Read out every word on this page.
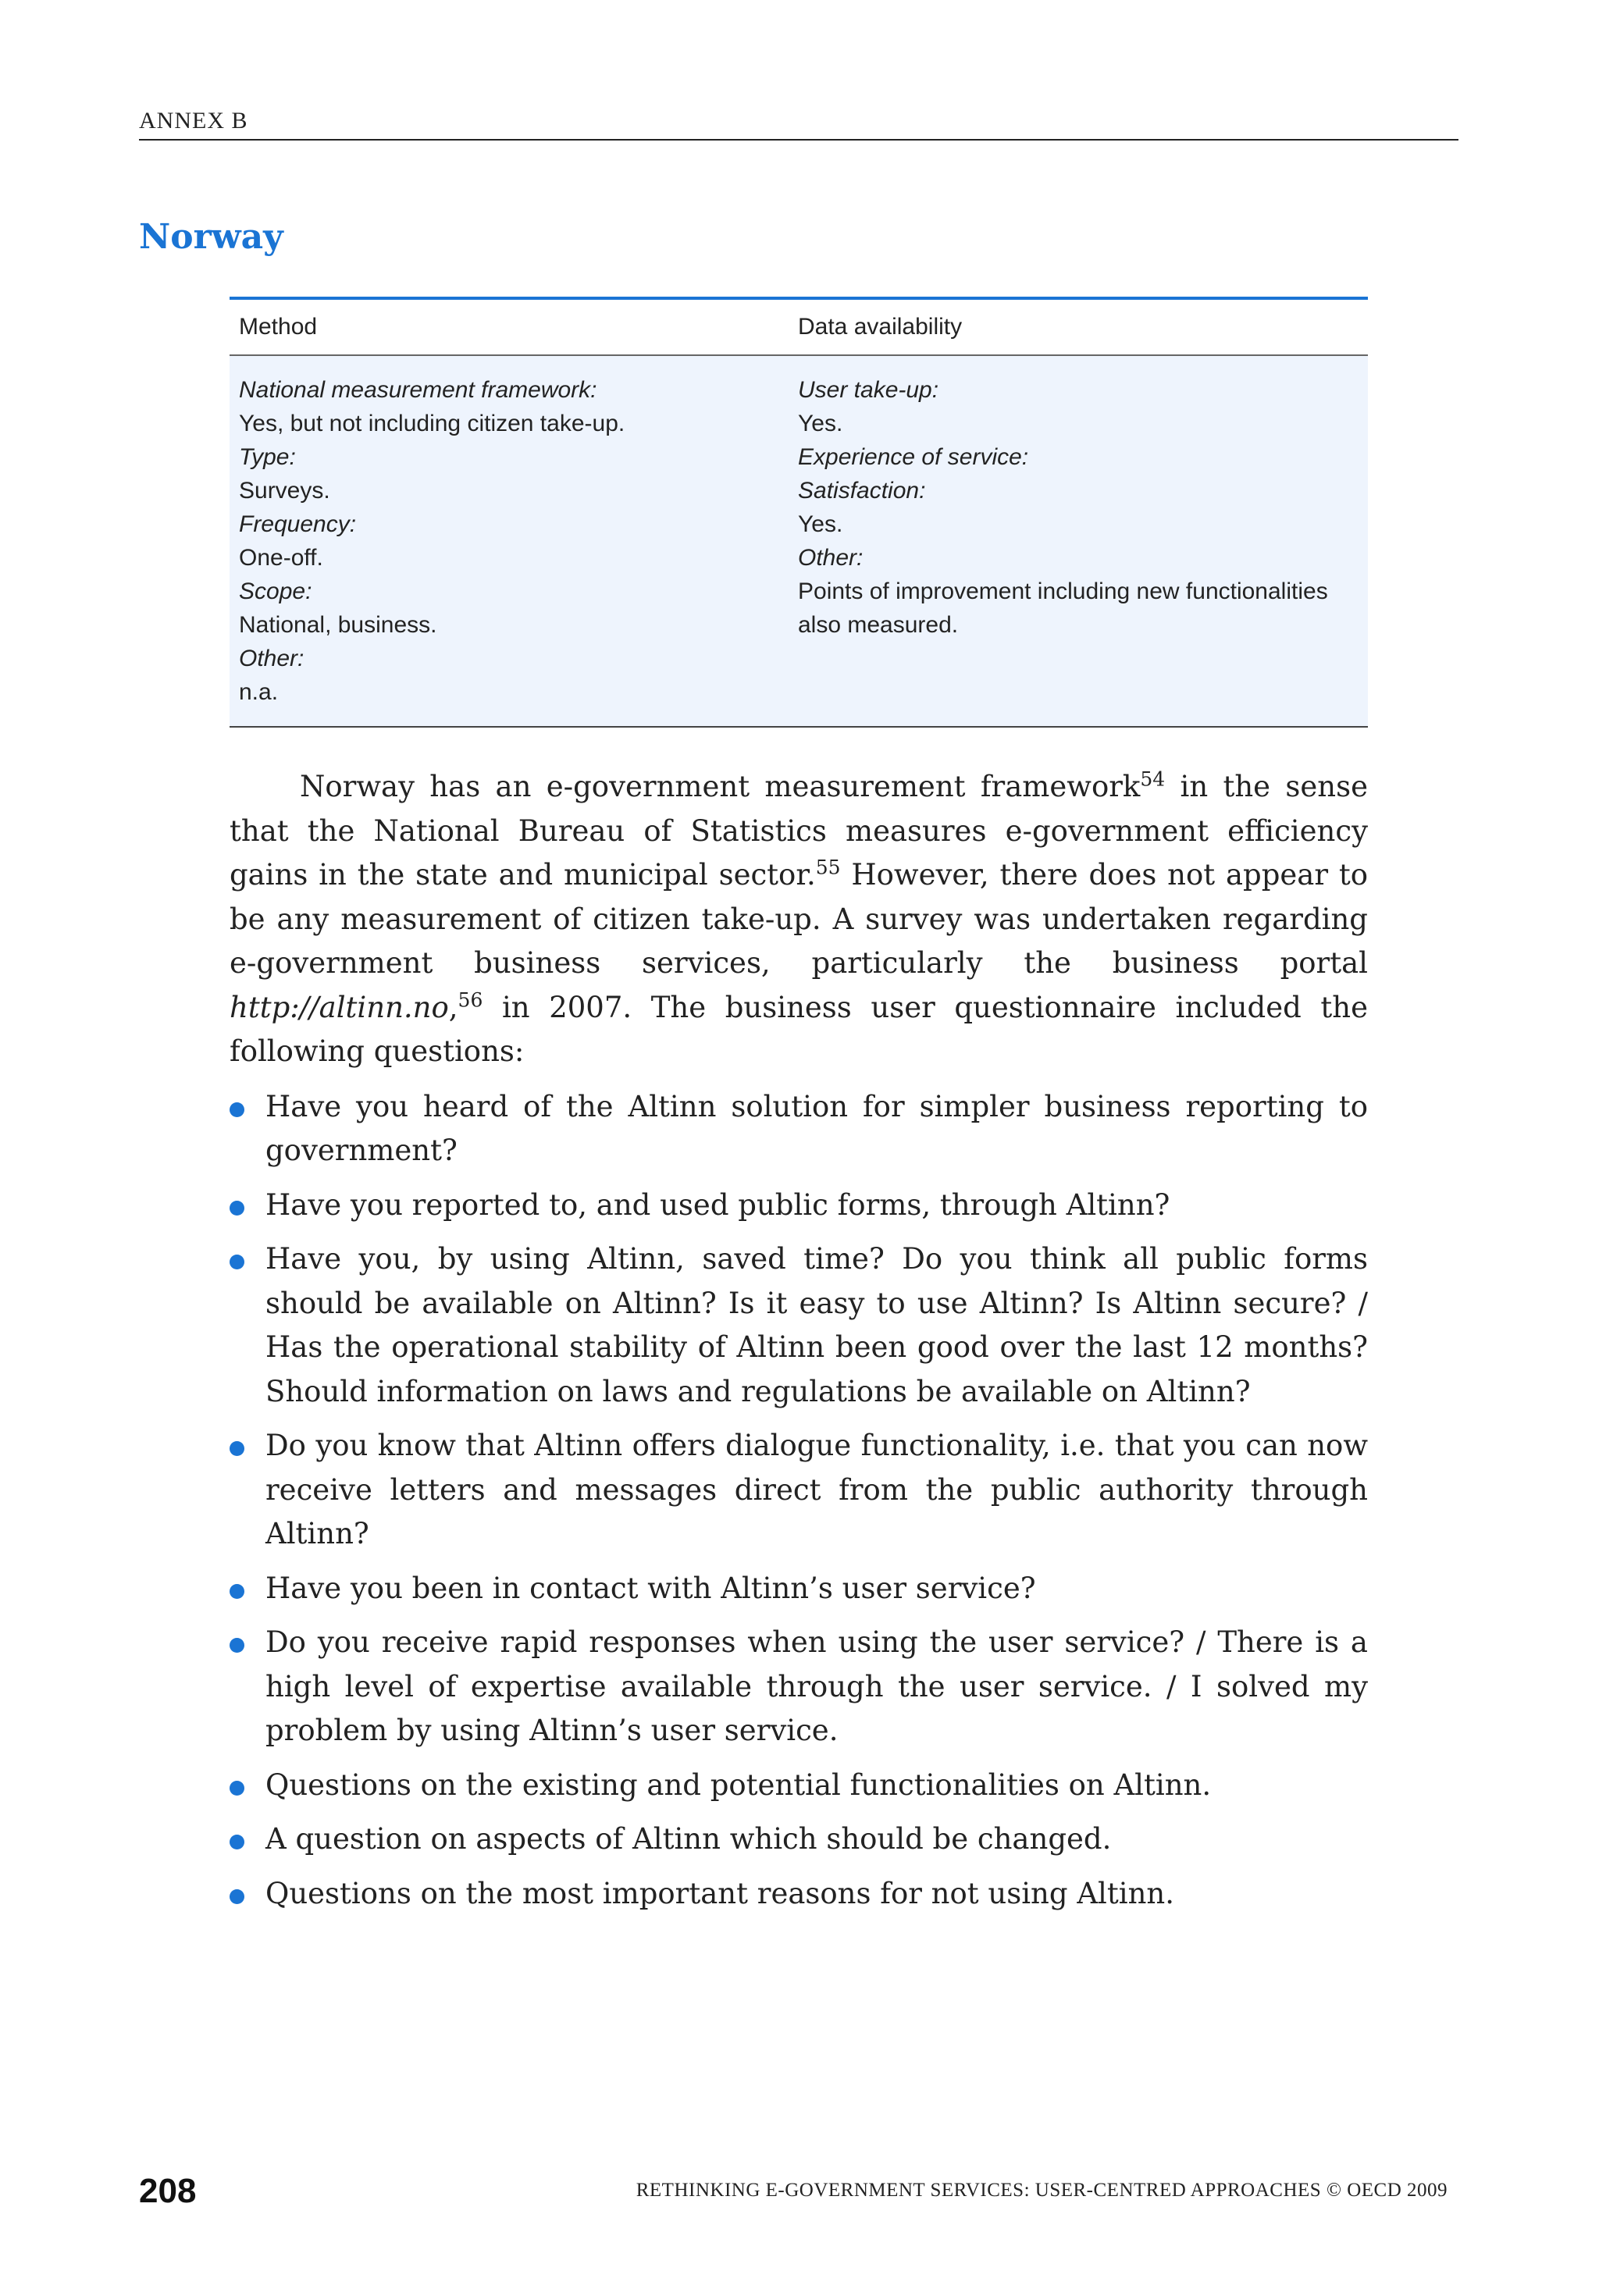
ANNEX B
Norway
Method	Data availability
National measurement framework:
Yes, but not including citizen take-up.
Type:
Surveys.
Frequency:
One-off.
Scope:
National, business.
Other:
n.a.
User take-up:
Yes.
Experience of service:
Satisfaction:
Yes.
Other:
Points of improvement including new functionalities also measured.

Norway has an e-government measurement framework$^{54}$ in the sense that the National Bureau of Statistics measures e-government efficiency gains in the state and municipal sector.$^{55}$ However, there does not appear to be any measurement of citizen take-up. A survey was undertaken regarding e-government business services, particularly the business portal http://altinn.no,$^{56}$ in 2007. The business user questionnaire included the following questions:

Have you heard of the Altinn solution for simpler business reporting to government?
Have you reported to, and used public forms, through Altinn?
Have you, by using Altinn, saved time? Do you think all public forms should be available on Altinn? Is it easy to use Altinn? Is Altinn secure? / Has the operational stability of Altinn been good over the last 12 months? Should information on laws and regulations be available on Altinn?
Do you know that Altinn offers dialogue functionality, i.e. that you can now receive letters and messages direct from the public authority through Altinn?
Have you been in contact with Altinn’s user service?
Do you receive rapid responses when using the user service? / There is a high level of expertise available through the user service. / I solved my problem by using Altinn’s user service.
Questions on the existing and potential functionalities on Altinn.
A question on aspects of Altinn which should be changed.
Questions on the most important reasons for not using Altinn.
208	RETHINKING E-GOVERNMENT SERVICES: USER-CENTRED APPROACHES © OECD 2009
